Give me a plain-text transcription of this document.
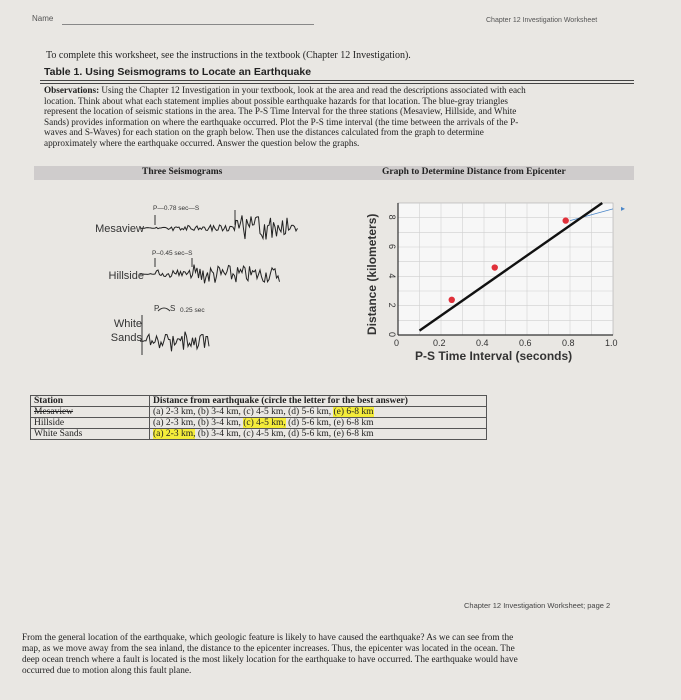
Name	Chapter 12 Investigation Worksheet
To complete this worksheet, see the instructions in the textbook (Chapter 12 Investigation).
Table 1. Using Seismograms to Locate an Earthquake
Observations: Using the Chapter 12 Investigation in your textbook, look at the area and read the descriptions associated with each
location. Think about what each statement implies about possible earthquake hazards for that location. The blue-gray triangles
represent the location of seismic stations in the area. The P-S Time Interval for the three stations (Mesaview, Hillside, and White
Sands) provides information on where the earthquake occurred. Plot the P-S time interval (the time between the arrivals of the P-
waves and S-Waves) for each station on the graph below. Then use the distances calculated from the graph to determine
approximately where the earthquake occurred. Answer the question below the graphs.
Three Seismograms	Graph to Determine Distance from Epicenter
Mesaview
Hillside
White
Sands
P—0.78 sec—S
P–0.45 sec–S
P S 0.25 sec
0	0.2	0.4	0.6	0.8	1.0
0
2
4
6
8
Distance (kilometers)
P-S Time Interval (seconds)
Station	Distance from earthquake (circle the letter for the best answer)
Mesaview	(a) 2-3 km, (b) 3-4 km, (c) 4-5 km, (d) 5-6 km, (e) 6-8 km
Hillside	(a) 2-3 km, (b) 3-4 km, (c) 4-5 km, (d) 5-6 km, (e) 6-8 km
White Sands	(a) 2-3 km, (b) 3-4 km, (c) 4-5 km, (d) 5-6 km, (e) 6-8 km
Chapter 12 Investigation Worksheet; page 2
From the general location of the earthquake, which geologic feature is likely to have caused the earthquake? As we can see from the
map, as we move away from the sea inland, the distance to the epicenter increases. Thus, the epicenter was located in the ocean. The
deep ocean trench where a fault is located is the most likely location for the earthquake to have occurred. The earthquake would have
occurred due to motion along this fault plane.
